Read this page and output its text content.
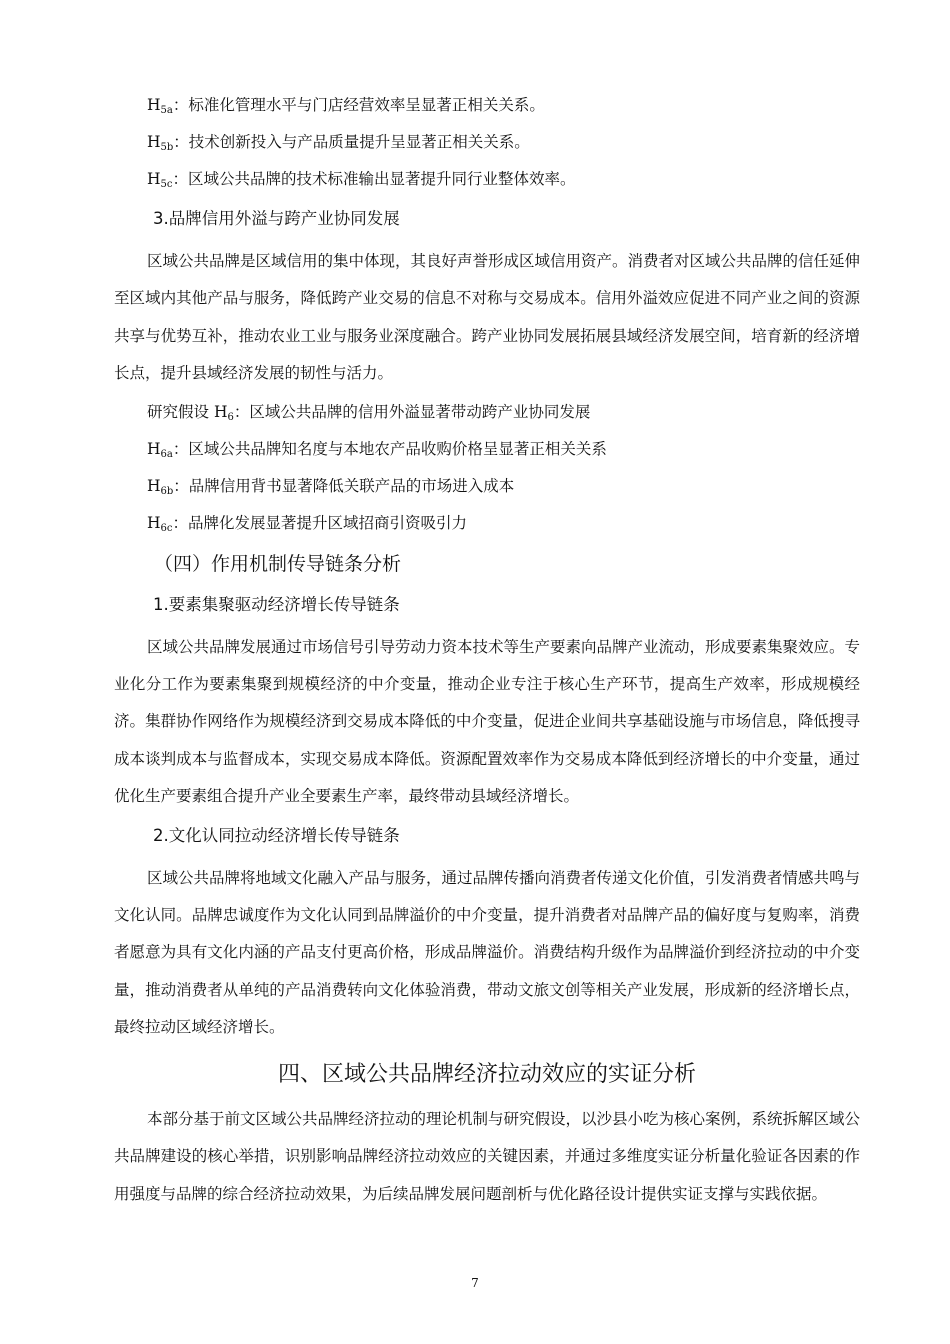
$H_{5a}$：标准化管理水平与门店经营效率呈显著正相关关系。
$H_{5b}$：技术创新投入与产品质量提升呈显著正相关关系。
$H_{5c}$：区域公共品牌的技术标准输出显著提升同行业整体效率。
3.品牌信用外溢与跨产业协同发展

区域公共品牌是区域信用的集中体现，其良好声誉形成区域信用资产。消费者对区域公共品牌的信任延伸至区域内其他产品与服务，降低跨产业交易的信息不对称与交易成本。信用外溢效应促进不同产业之间的资源共享与优势互补，推动农业工业与服务业深度融合。跨产业协同发展拓展县域经济发展空间，培育新的经济增长点，提升县域经济发展的韧性与活力。

研究假设 $H_6$：区域公共品牌的信用外溢显著带动跨产业协同发展
$H_{6a}$：区域公共品牌知名度与本地农产品收购价格呈显著正相关关系
$H_{6b}$：品牌信用背书显著降低关联产品的市场进入成本
$H_{6c}$：品牌化发展显著提升区域招商引资吸引力
（四）作用机制传导链条分析
1.要素集聚驱动经济增长传导链条

区域公共品牌发展通过市场信号引导劳动力资本技术等生产要素向品牌产业流动，形成要素集聚效应。专业化分工作为要素集聚到规模经济的中介变量，推动企业专注于核心生产环节，提高生产效率，形成规模经济。集群协作网络作为规模经济到交易成本降低的中介变量，促进企业间共享基础设施与市场信息，降低搜寻成本谈判成本与监督成本，实现交易成本降低。资源配置效率作为交易成本降低到经济增长的中介变量，通过优化生产要素组合提升产业全要素生产率，最终带动县域经济增长。

2.文化认同拉动经济增长传导链条

区域公共品牌将地域文化融入产品与服务，通过品牌传播向消费者传递文化价值，引发消费者情感共鸣与文化认同。品牌忠诚度作为文化认同到品牌溢价的中介变量，提升消费者对品牌产品的偏好度与复购率，消费者愿意为具有文化内涵的产品支付更高价格，形成品牌溢价。消费结构升级作为品牌溢价到经济拉动的中介变量，推动消费者从单纯的产品消费转向文化体验消费，带动文旅文创等相关产业发展，形成新的经济增长点，最终拉动区域经济增长。

四、区域公共品牌经济拉动效应的实证分析

本部分基于前文区域公共品牌经济拉动的理论机制与研究假设，以沙县小吃为核心案例，系统拆解区域公共品牌建设的核心举措，识别影响品牌经济拉动效应的关键因素，并通过多维度实证分析量化验证各因素的作用强度与品牌的综合经济拉动效果，为后续品牌发展问题剖析与优化路径设计提供实证支撑与实践依据。

7
